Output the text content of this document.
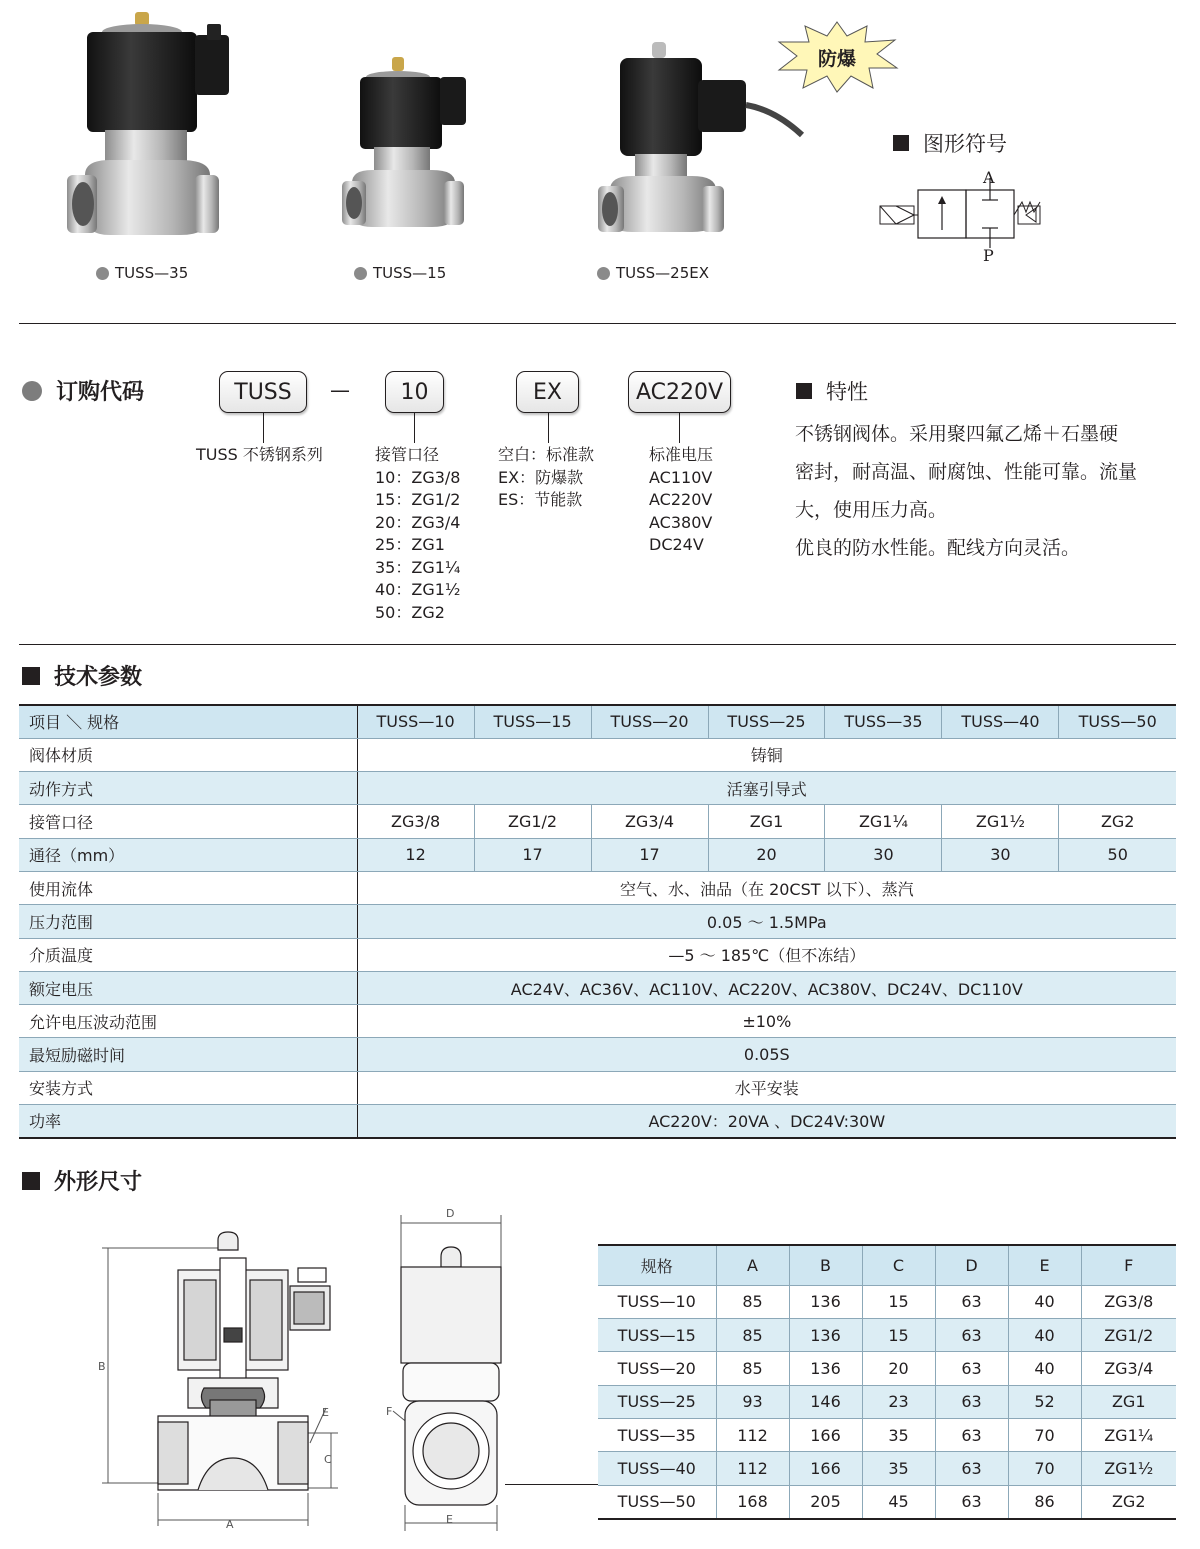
TUSS—35	TUSS—15	TUSS—25EX
防爆
图形符号
A
P
订购代码	TUSS	—	10	EX	AC220V
TUSS 不锈钢系列	接管口径
10：ZG3/8
15：ZG1/2
20：ZG3/4
25：ZG1
35：ZG1¼
40：ZG1½
50：ZG2
空白：标准款
EX：防爆款
ES：节能款
标准电压
AC110V
AC220V
AC380V
DC24V
特性
不锈钢阀体。采用聚四氟乙烯＋石墨硬
密封，耐高温、耐腐蚀、性能可靠。流量
大，使用压力高。
优良的防水性能。配线方向灵活。
技术参数
项目 ＼ 规格	TUSS—10	TUSS—15	TUSS—20	TUSS—25	TUSS—35	TUSS—40	TUSS—50
阀体材质	铸铜						
动作方式	活塞引导式						
接管口径	ZG3/8	ZG1/2	ZG3/4	ZG1	ZG1¼	ZG1½	ZG2
通径（mm）	12	17	17	20	30	30	50
使用流体	空气、水、油品（在 20CST 以下）、蒸汽						
压力范围	0.05 ～ 1.5MPa						
介质温度	—5 ～ 185℃（但不冻结）						
额定电压	AC24V、AC36V、AC110V、AC220V、AC380V、DC24V、DC110V						
允许电压波动范围	±10%						
最短励磁时间	0.05S						
安装方式	水平安装						
功率	AC220V：20VA 、DC24V:30W						
外形尺寸
B
A
C
E
D
E
F
规格	A	B	C	D	E	F
TUSS—10	85	136	15	63	40	ZG3/8
TUSS—15	85	136	15	63	40	ZG1/2
TUSS—20	85	136	20	63	40	ZG3/4
TUSS—25	93	146	23	63	52	ZG1
TUSS—35	112	166	35	63	70	ZG1¼
TUSS—40	112	166	35	63	70	ZG1½
TUSS—50	168	205	45	63	86	ZG2
